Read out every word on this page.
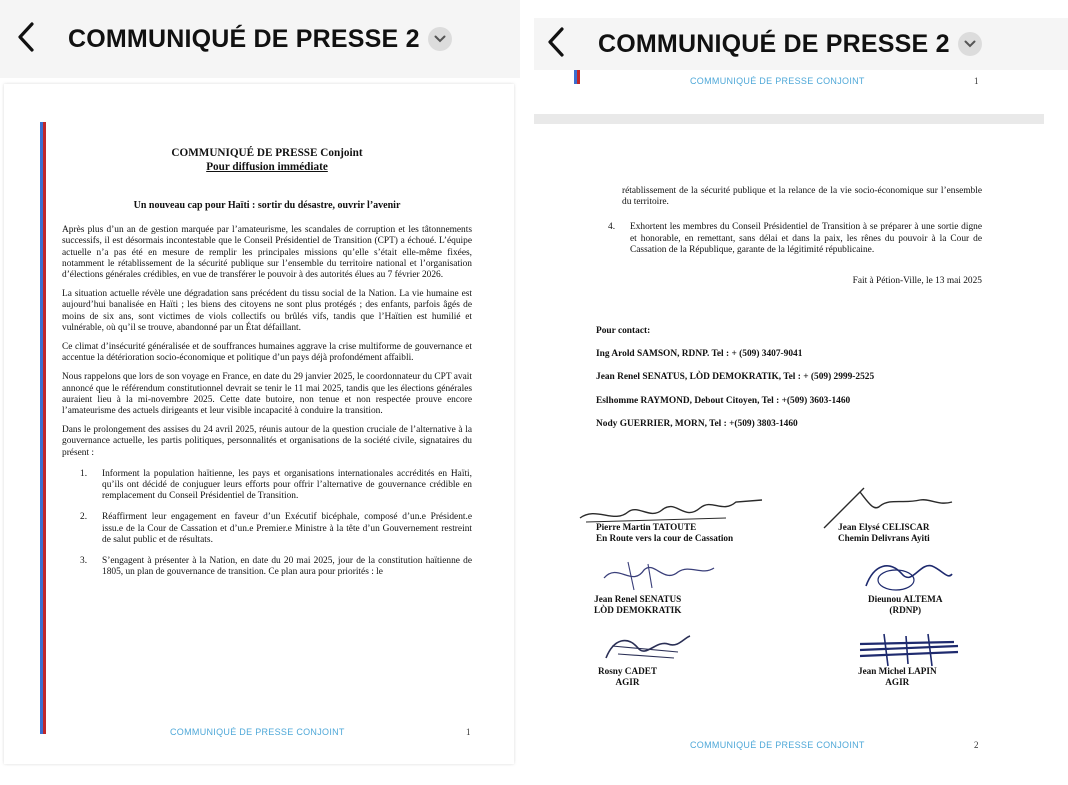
COMMUNIQUÉ DE PRESSE 2
COMMUNIQUÉ DE PRESSE Conjoint
Pour diffusion immédiate
Un nouveau cap pour Haïti : sortir du désastre, ouvrir l’avenir

Après plus d’un an de gestion marquée par l’amateurisme, les scandales de corruption et les tâtonnements successifs, il est désormais incontestable que le Conseil Présidentiel de Transition (CPT) a échoué. L’équipe actuelle n’a pas été en mesure de remplir les principales missions qu’elle s’était elle-même fixées, notamment le rétablissement de la sécurité publique sur l’ensemble du territoire national et l’organisation d’élections générales crédibles, en vue de transférer le pouvoir à des autorités élues au 7 février 2026.

La situation actuelle révèle une dégradation sans précédent du tissu social de la Nation. La vie humaine est aujourd’hui banalisée en Haïti ; les biens des citoyens ne sont plus protégés ; des enfants, parfois âgés de moins de six ans, sont victimes de viols collectifs ou brûlés vifs, tandis que l’Haïtien est humilié et vulnérable, où qu’il se trouve, abandonné par un État défaillant.

Ce climat d’insécurité généralisée et de souffrances humaines aggrave la crise multiforme de gouvernance et accentue la détérioration socio-économique et politique d’un pays déjà profondément affaibli.

Nous rappelons que lors de son voyage en France, en date du 29 janvier 2025, le coordonnateur du CPT avait annoncé que le référendum constitutionnel devrait se tenir le 11 mai 2025, tandis que les élections générales auraient lieu à la mi-novembre 2025. Cette date butoire, non tenue et non respectée prouve encore l’amateurisme des actuels dirigeants et leur visible incapacité à conduire la transition.

Dans le prolongement des assises du 24 avril 2025, réunis autour de la question cruciale de l’alternative à la gouvernance actuelle, les partis politiques, personnalités et organisations de la société civile, signataires du présent :

1.	Informent la population haïtienne, les pays et organisations internationales accrédités en Haïti, qu’ils ont décidé de conjuguer leurs efforts pour offrir l’alternative de gouvernance crédible en remplacement du Conseil Présidentiel de Transition.
2.	Réaffirment leur engagement en faveur d’un Exécutif bicéphale, composé d’un.e Président.e issu.e de la Cour de Cassation et d’un.e Premier.e Ministre à la tête d’un Gouvernement restreint de salut public et de résultats.
3.	S’engagent à présenter à la Nation, en date du 20 mai 2025, jour de la constitution haïtienne de 1805, un plan de gouvernance de transition. Ce plan aura pour priorités : le
COMMUNIQUÉ DE PRESSE CONJOINT	1
COMMUNIQUÉ DE PRESSE 2
COMMUNIQUÉ DE PRESSE CONJOINT	1

rétablissement de la sécurité publique et la relance de la vie socio-économique sur l’ensemble du territoire.

4.	Exhortent les membres du Conseil Présidentiel de Transition à se préparer à une sortie digne et honorable, en remettant, sans délai et dans la paix, les rênes du pouvoir à la Cour de Cassation de la République, garante de la légitimité républicaine.
Fait à Pétion-Ville, le 13 mai 2025
Pour contact:
Ing Arold SAMSON, RDNP. Tel : + (509) 3407-9041
Jean Renel SENATUS, LÒD DEMOKRATIK, Tel : + (509) 2999-2525
Eslhomme RAYMOND, Debout Citoyen, Tel : +(509) 3603-1460
Nody GUERRIER, MORN, Tel : +(509) 3803-1460
Pierre Martin TATOUTE
En Route vers la cour de Cassation
Jean Elysé CELISCAR
Chemin Delivrans Ayiti
Jean Renel SENATUS
LÒD DEMOKRATIK
Dieunou ALTEMA
(RDNP)
Rosny CADET
AGIR
Jean Michel LAPIN
AGIR
COMMUNIQUÉ DE PRESSE CONJOINT	2
